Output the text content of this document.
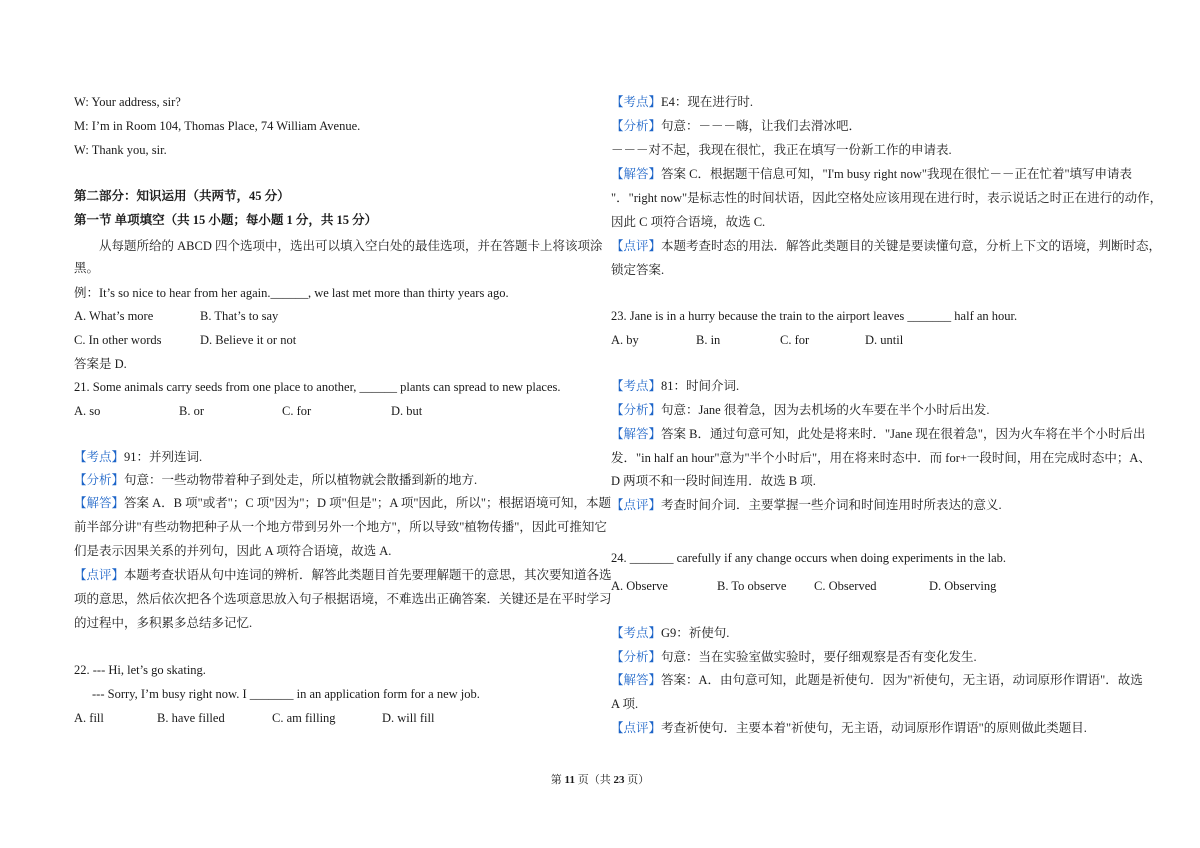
W: Your address, sir?
M: I’m in Room 104, Thomas Place, 74 William Avenue.
W: Thank you, sir.
第二部分：知识运用（共两节，45 分）
第一节 单项填空（共 15 小题；每小题 1 分，共 15 分）
从每题所给的 ABCD 四个选项中，选出可以填入空白处的最佳选项，并在答题卡上将该项涂
黑。
例：It’s so nice to hear from her again.______, we last met more than thirty years ago.
A. What’s more	B. That’s to say
C. In other words	D. Believe it or not
答案是 D.
21. Some animals carry seeds from one place to another, ______ plants can spread to new places.
A. so	B. or	C. for	D. but
【考点】91：并列连词.
【分析】句意：一些动物带着种子到处走，所以植物就会散播到新的地方.
【解答】答案 A．B 项"或者"；C 项"因为"；D 项"但是"；A 项"因此，所以"；根据语境可知，本题
前半部分讲"有些动物把种子从一个地方带到另外一个地方"，所以导致"植物传播"，因此可推知它
们是表示因果关系的并列句，因此 A 项符合语境，故选 A.
【点评】本题考查状语从句中连词的辨析．解答此类题目首先要理解题干的意思，其次要知道各选
项的意思，然后依次把各个选项意思放入句子根据语境，不难选出正确答案．关键还是在平时学习
的过程中，多积累多总结多记忆.
22. --- Hi, let’s go skating.
--- Sorry, I’m busy right now. I _______ in an application form for a new job.
A. fill	B. have filled	C. am filling	D. will fill
【考点】E4：现在进行时.
【分析】句意：－－－嗨，让我们去滑冰吧．
－－－对不起，我现在很忙，我正在填写一份新工作的申请表.
【解答】答案 C．根据题干信息可知，"I'm busy right now"我现在很忙－－正在忙着"填写申请表
"．"right now"是标志性的时间状语，因此空格处应该用现在进行时，表示说话之时正在进行的动作，
因此 C 项符合语境，故选 C.
【点评】本题考查时态的用法．解答此类题目的关键是要读懂句意，分析上下文的语境，判断时态，
锁定答案.
23. Jane is in a hurry because the train to the airport leaves _______ half an hour.
A. by	B. in	C. for	D. until
【考点】81：时间介词.
【分析】句意：Jane 很着急，因为去机场的火车要在半个小时后出发.
【解答】答案 B．通过句意可知，此处是将来时．"Jane 现在很着急"，因为火车将在半个小时后出
发．"in half an hour"意为"半个小时后"，用在将来时态中．而 for+一段时间，用在完成时态中；A、
D 两项不和一段时间连用．故选 B 项.
【点评】考查时间介词．主要掌握一些介词和时间连用时所表达的意义.
24. _______ carefully if any change occurs when doing experiments in the lab.
A. Observe	B. To observe C. Observed	D. Observing
【考点】G9：祈使句.
【分析】句意：当在实验室做实验时，要仔细观察是否有变化发生.
【解答】答案：A．由句意可知，此题是祈使句．因为"祈使句，无主语，动词原形作谓语"．故选
A 项.
【点评】考查祈使句．主要本着"祈使句，无主语，动词原形作谓语"的原则做此类题目.
第 11 页（共 23 页）
